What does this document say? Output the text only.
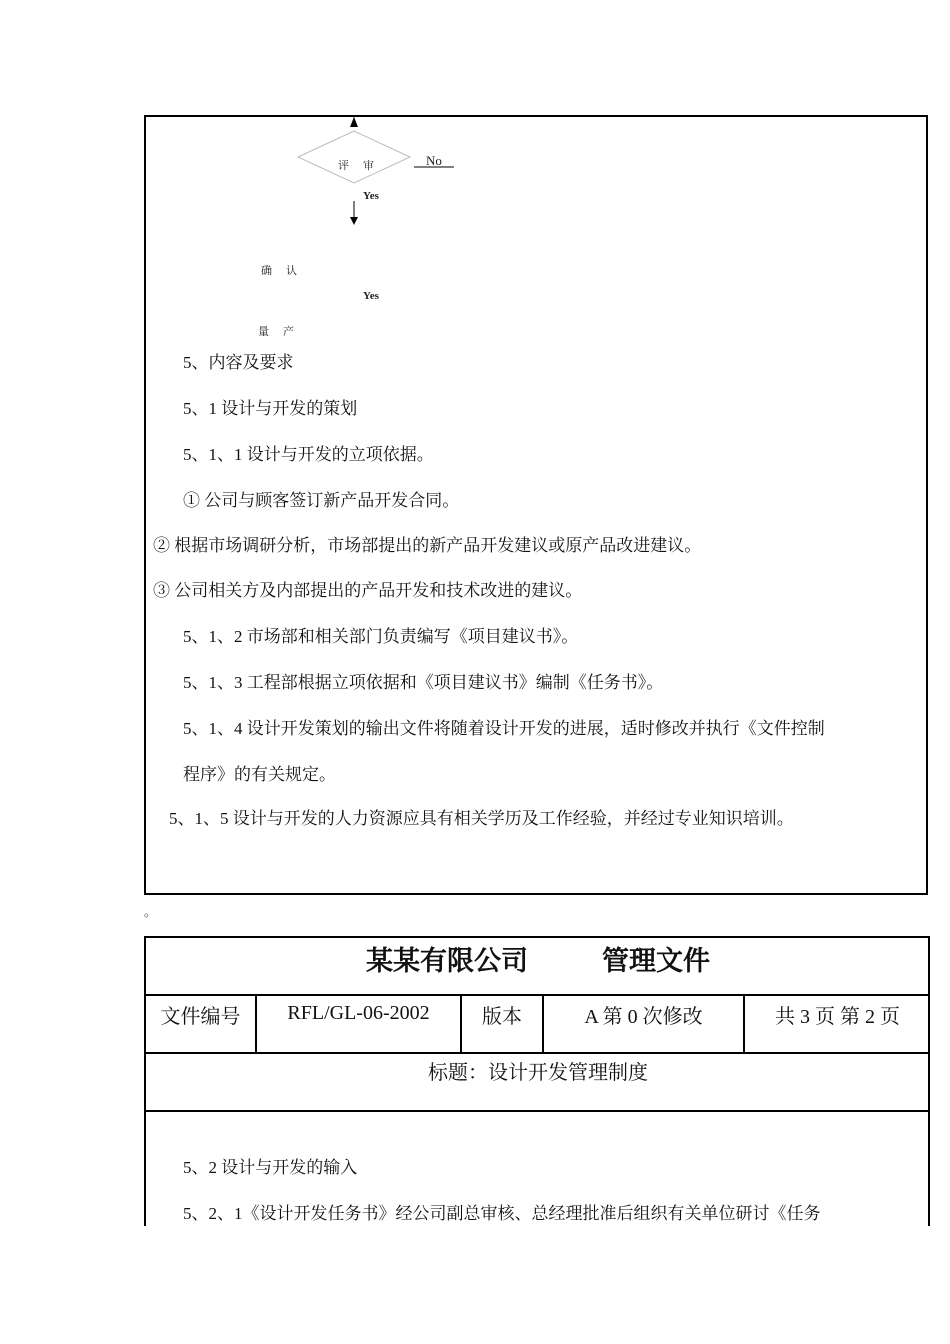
评审	No
Yes
确认
Yes
量产
5、内容及要求
5、1 设计与开发的策划
5、1、1 设计与开发的立项依据。
① 公司与顾客签订新产品开发合同。
② 根据市场调研分析，市场部提出的新产品开发建议或原产品改进建议。
③ 公司相关方及内部提出的产品开发和技术改进的建议。
5、1、2 市场部和相关部门负责编写《项目建议书》。
5、1、3 工程部根据立项依据和《项目建议书》编制《任务书》。
5、1、4 设计开发策划的输出文件将随着设计开发的进展，适时修改并执行《文件控制
程序》的有关规定。
5、1、5 设计与开发的人力资源应具有相关学历及工作经验，并经过专业知识培训。
。
某某有限公司	管理文件
文件编号	RFL/GL-06-2002	版本	A 第 0 次修改	共 3 页 第 2 页
标题：设计开发管理制度
5、2 设计与开发的输入
5、2、1《设计开发任务书》经公司副总审核、总经理批准后组织有关单位研讨《任务
